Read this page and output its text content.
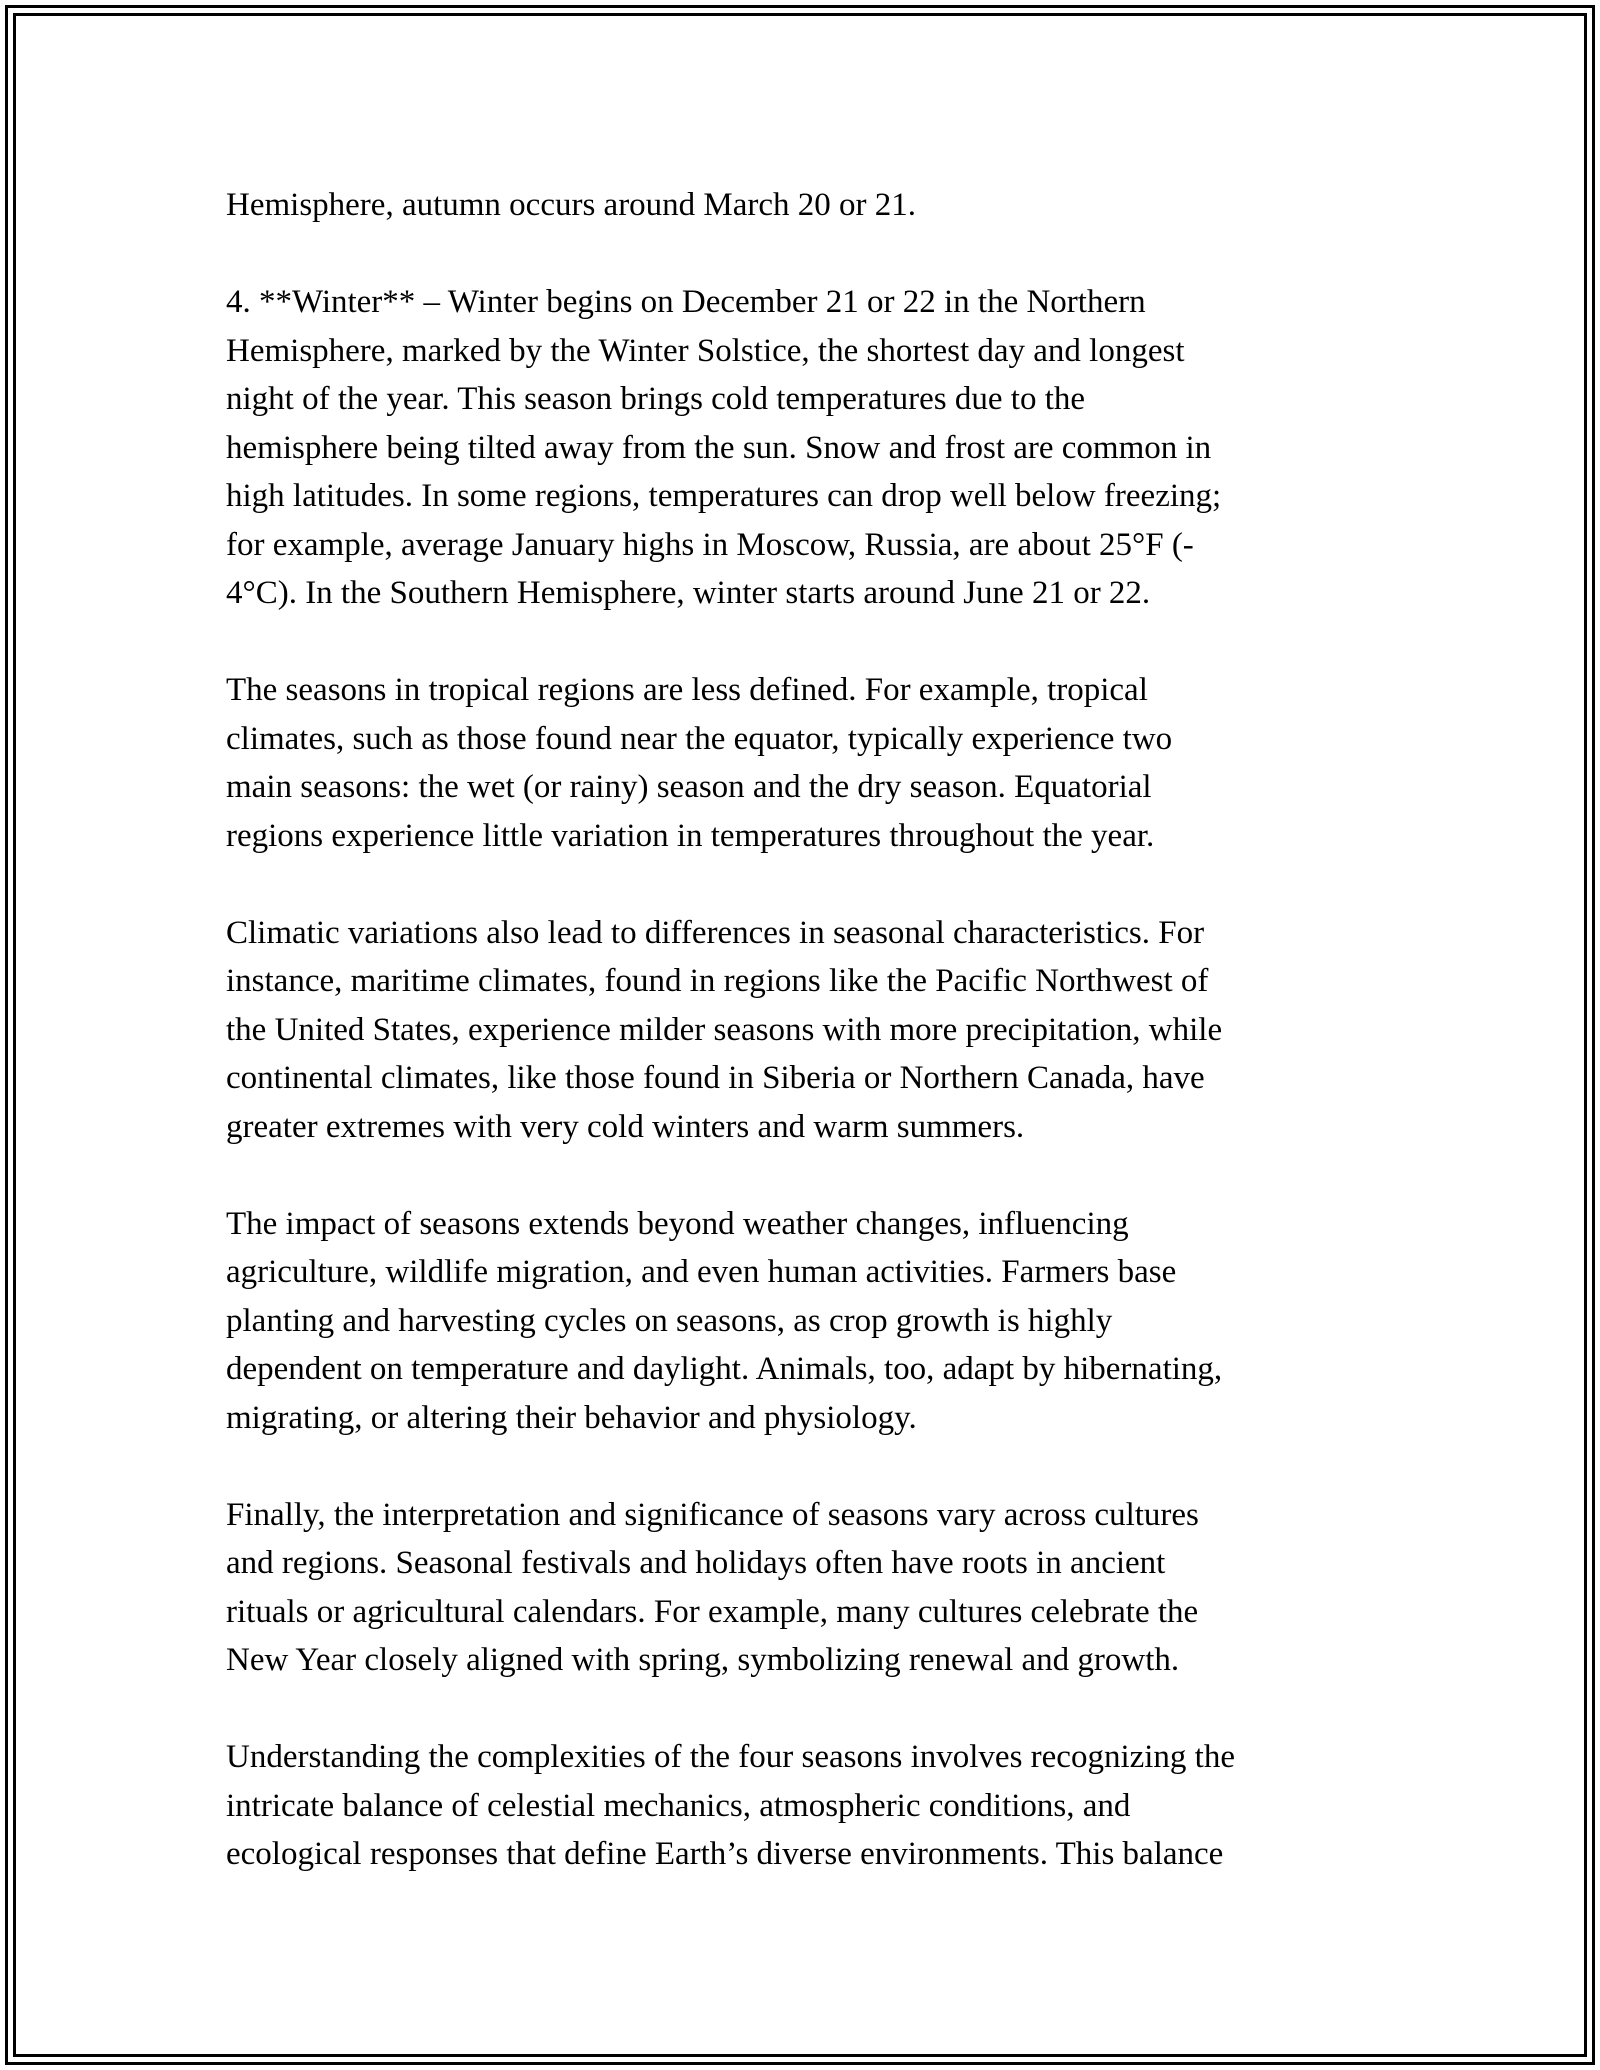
Hemisphere, autumn occurs around March 20 or 21.

4. **Winter** – Winter begins on December 21 or 22 in the Northern
Hemisphere, marked by the Winter Solstice, the shortest day and longest
night of the year. This season brings cold temperatures due to the
hemisphere being tilted away from the sun. Snow and frost are common in
high latitudes. In some regions, temperatures can drop well below freezing;
for example, average January highs in Moscow, Russia, are about 25°F (-
4°C). In the Southern Hemisphere, winter starts around June 21 or 22.

The seasons in tropical regions are less defined. For example, tropical
climates, such as those found near the equator, typically experience two
main seasons: the wet (or rainy) season and the dry season. Equatorial
regions experience little variation in temperatures throughout the year.

Climatic variations also lead to differences in seasonal characteristics. For
instance, maritime climates, found in regions like the Pacific Northwest of
the United States, experience milder seasons with more precipitation, while
continental climates, like those found in Siberia or Northern Canada, have
greater extremes with very cold winters and warm summers.

The impact of seasons extends beyond weather changes, influencing
agriculture, wildlife migration, and even human activities. Farmers base
planting and harvesting cycles on seasons, as crop growth is highly
dependent on temperature and daylight. Animals, too, adapt by hibernating,
migrating, or altering their behavior and physiology.

Finally, the interpretation and significance of seasons vary across cultures
and regions. Seasonal festivals and holidays often have roots in ancient
rituals or agricultural calendars. For example, many cultures celebrate the
New Year closely aligned with spring, symbolizing renewal and growth.

Understanding the complexities of the four seasons involves recognizing the
intricate balance of celestial mechanics, atmospheric conditions, and
ecological responses that define Earth’s diverse environments. This balance
